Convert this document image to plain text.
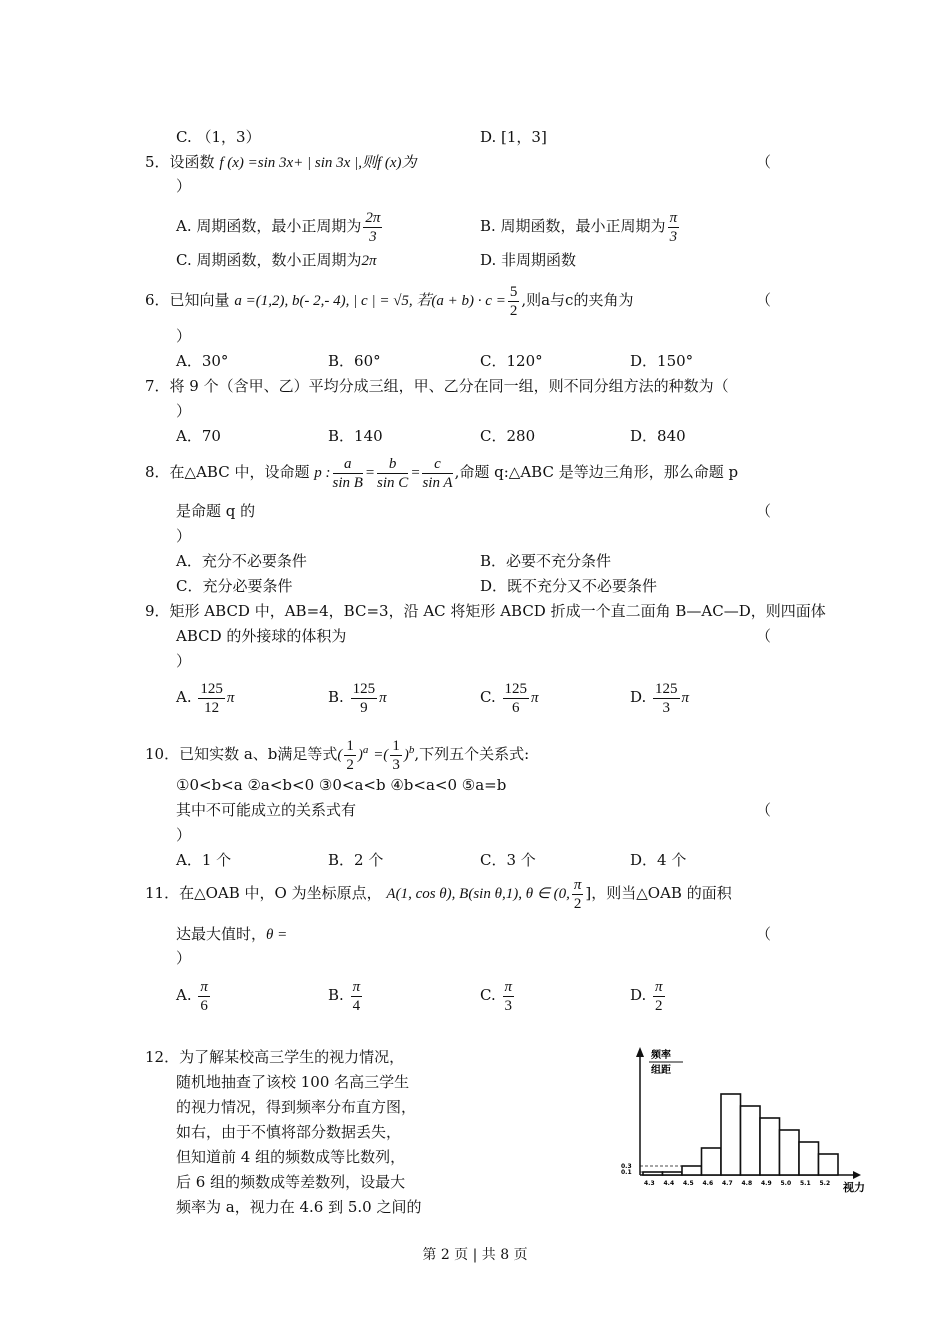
C. （1，3）	D. [1，3]
5．设函数 f (x) =sin 3x+ | sin 3x |,则f (x)为	（
）
A. 周期函数，最小正周期为 $\frac{2\pi}{3}$	B. 周期函数，最小正周期为 $\frac{\pi}{3}$
C. 周期函数，数小正周期为2π	D. 非周期函数
6．已知向量 a =(1,2), b(- 2,- 4), | c | = √5, 若$(a + b) \cdot c = \frac{5}{2}$ ,则a与c的夹角为	（
）
A．30°	B．60°	C．120°	D．150°
7．将 9 个（含甲、乙）平均分成三组，甲、乙分在同一组，则不同分组方法的种数为（
）
A．70	B．140	C．280	D．840
8．在△ABC 中，设命题 p : $\frac{a}{\text{sin B}} = \frac{b}{\text{sin C}} = \frac{c}{\text{sin A}}$ ,命题 q:△ABC 是等边三角形，那么命题 p
是命题 q 的	（
）
A．充分不必要条件	B．必要不充分条件
C．充分必要条件	D．既不充分又不必要条件
9．矩形 ABCD 中，AB=4，BC=3，沿 AC 将矩形 ABCD 折成一个直二面角 B—AC—D，则四面体
ABCD 的外接球的体积为	（
）
A. $\frac{125}{12}$ π	B. $\frac{125}{9}$ π	C. $\frac{125}{6}$ π	D. $\frac{125}{3}$ π
10．已知实数 a、b满足等式( $\frac{1}{2} )^a$ =( $\frac{1}{3} )^b$,下列五个关系式:
①0<b<a ②a<b<0 ③0<a<b ④b<a<0 ⑤a=b
其中不可能成立的关系式有	（
）
A．1 个	B．2 个	C．3 个	D．4 个
11．在△OAB 中，O 为坐标原点， A(1, cos θ), B(sin θ,1), θ ∈ (0, $\frac{\pi}{2}$ ]，则当△OAB 的面积
达最大值时，θ =	（
）
A. $\frac{\pi}{6}$	B. $\frac{\pi}{4}$	C. $\frac{\pi}{3}$	D. $\frac{\pi}{2}$
12．为了解某校高三学生的视力情况，
随机地抽查了该校 100 名高三学生
的视力情况，得到频率分布直方图，
如右，由于不慎将部分数据丢失，
但知道前 4 组的频数成等比数列，
后 6 组的频数成等差数列，设最大
频率为 a，视力在 4.6 到 5.0 之间的
频率
组距
视力
4.3 4.4 4.5 4.6 4.7 4.8 4.9 5.0 5.1 5.2
0.3
0.1
第 2 页 | 共 8 页
